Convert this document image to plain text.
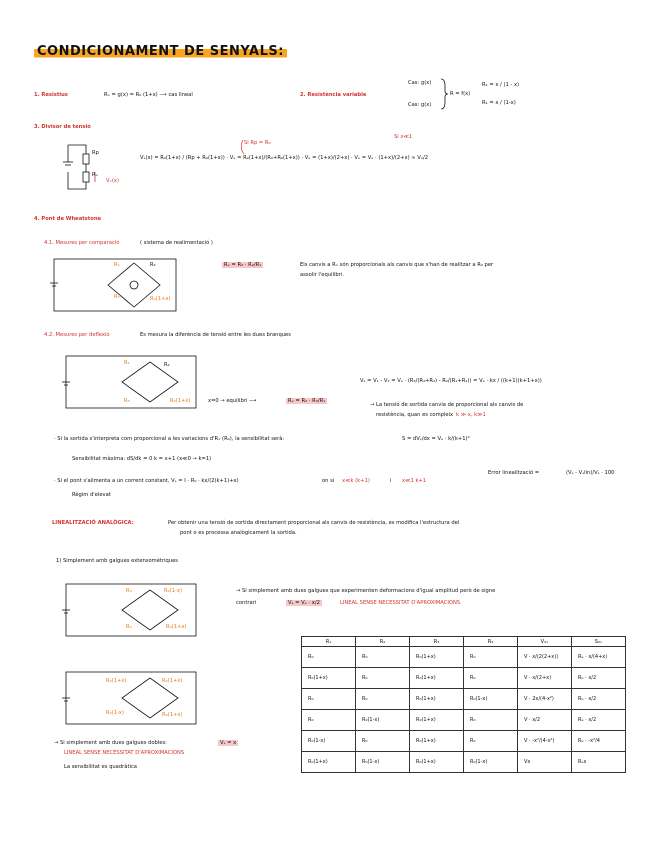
CONDICIONAMENT DE SENYALS:
1. Resistius	Rₓ = g(x) = R₀ (1+x) ⟶ cas lineal	2. Resistència variable
Cas: g(x)
Cas: g(x)
R = f(x)
R₁ = x / (1 - x)
R₁ = x / (1-x)
3. Divisor de tensió
Rp
Rₓ
Vₓ(x)
Si Rp = R₀
Vₛ(x) = R₀(1+x) / (Rp + R₀(1+x)) · Vₑ = R₀(1+x)/(R₀+R₀(1+x)) · Vₑ = (1+x)/(2+x) · Vₑ = Vₑ · (1+x)/(2+x) ≈ Vₑ/2
Si x≪1
4. Pont de Wheatstone
4.1. Mesures per comparació	( sistema de realimentació )
R₁	R₂
R₃	R₀(1+x)
Rₓ = R₃ · R₂/R₁	Els canvis a Rₓ són proporcionals als canvis que s'han de realitzar a R₃ per
assolir l'equilibri.
4.2. Mesures per deflexió	Es mesura la diferència de tensió entre les dues branques
R₁	R₂
R₃	R₀(1+x)
Vₛ = V₁ - V₂ = Vₑ · (R₃/(R₃+R₄) - R₂/(R₁+R₂)) = Vₑ · kx / ((k+1)(k+1+x))
x=0 → equilibri ⟶	Rₓ = R₂ · R₃/R₁
→ La tensió de sortida canvia de proporcional als canvis de
resistència, quan es compleix k ≫ x, k≫1
· Si la sortida s'interpreta com proporcional a les variacions d'Rₓ (R₀), la sensibilitat serà:	S = dVₛ/dx = Vₑ · k/(k+1)²
Sensibilitat màxima: dS/dk = 0 k = x+1 (x≪0 → k=1)
· Si el pont s'alimenta a un corrent constant, Vₛ = I · R₀ · kx/(2(k+1)+x)	on si x≪k (k+1)	i x≪1 k+1
Error linealització =	(Vₛ - Vₛlin)/Vₛ · 100
Règim d'elevat
LINEALITZACIÓ ANALÒGICA:	Per obtenir una tensió de sortida directament proporcional als canvis de resistència, es modifica l'estructura del
pont o es processa analògicament la sortida.
1) Simplement amb galgues extensomètriques
R₀	R₀(1-x)
R₀	R₀(1+x)
→ Si simplement amb dues galgues que experimenten deformacions d'igual amplitud però de signe
contrari	Vₛ = Vₑ · x/2	LINEAL SENSE NECESSITAT D'APROXIMACIONS
R₀(1+x)	R₀(1+x)
R₀(1-x)	R₀(1+x)
→ Si simplement amb dues galgues dobles:	Vₛ = x
LINEAL SENSE NECESSITAT D'APROXIMACIONS
La sensibilitat es quadràtica
R₁	R₂	R₃	R₄	V₂ₓ	S₂ₓ
R₀	R₀	R₀(1+x)	R₀	V · x/(2(2+x))	Rₑ · x/(4+x)
R₀(1+x)	R₀	R₀(1+x)	R₀	V · x/(2+x)	Rₑ · x/2
R₀	R₀	R₀(1+x)	R₀(1-x)	V · 2x/(4-x²)	Rₑ · x/2
R₀	R₀(1-x)	R₀(1+x)	R₀	V · x/2	Rₑ · x/2
R₀(1-x)	R₀	R₀(1+x)	R₀	V · -x²/(4-x²)	Rₑ · -x²/4
R₀(1+x)	R₀(1-x)	R₀(1+x)	R₀(1-x)	Vx	Rₑx
